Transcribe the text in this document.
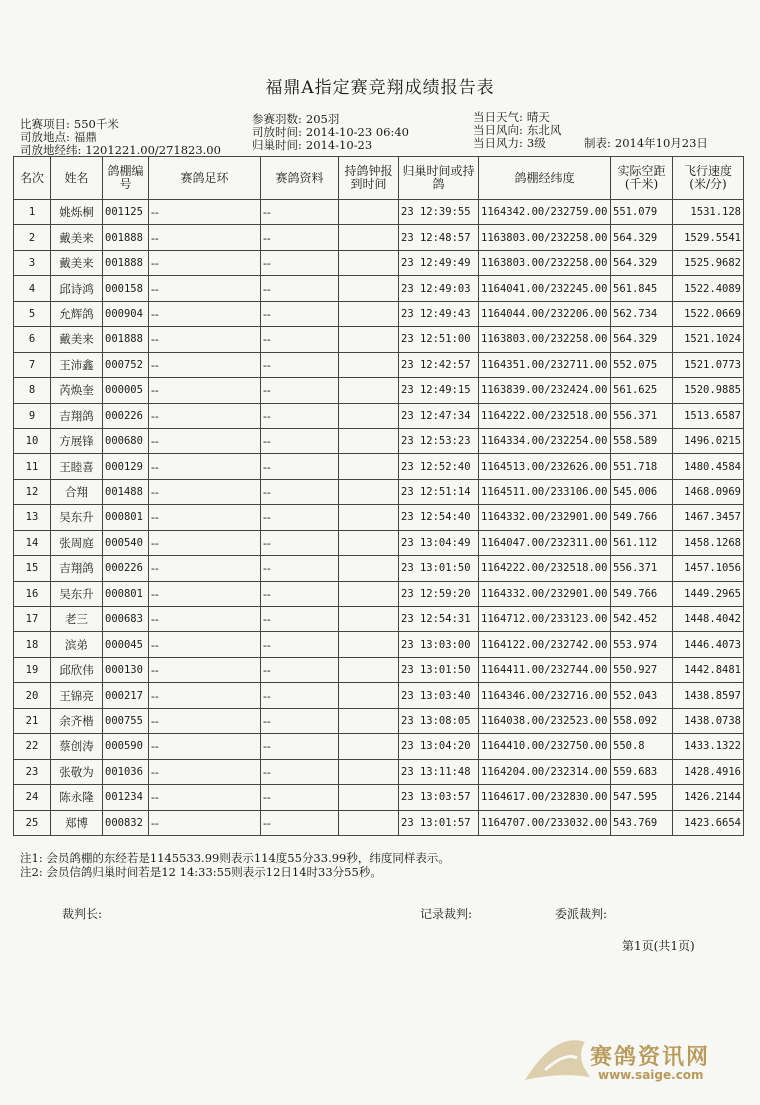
福鼎A指定赛竞翔成绩报告表
比赛项目: 550千米
司放地点: 福鼎
司放地经纬: 1201221.00/271823.00
参赛羽数: 205羽
司放时间: 2014-10-23 06:40
归巢时间: 2014-10-23
当日天气: 晴天
当日风向: 东北风
当日风力: 3级	制表: 2014年10月23日
名次	姓名	鸽棚编号	赛鸽足环	赛鸽资料	持鸽钟报到时间	归巢时间或持鸽	鸽棚经纬度	实际空距(千米)	飞行速度(米/分)
1	姚烁桐	001125	--	--		23 12:39:55	1164342.00/232759.00	551.079	1531.128
2	戴美来	001888	--	--		23 12:48:57	1163803.00/232258.00	564.329	1529.5541
3	戴美来	001888	--	--		23 12:49:49	1163803.00/232258.00	564.329	1525.9682
4	邱诗鸿	000158	--	--		23 12:49:03	1164041.00/232245.00	561.845	1522.4089
5	允辉鸽	000904	--	--		23 12:49:43	1164044.00/232206.00	562.734	1522.0669
6	戴美来	001888	--	--		23 12:51:00	1163803.00/232258.00	564.329	1521.1024
7	王沛鑫	000752	--	--		23 12:42:57	1164351.00/232711.00	552.075	1521.0773
8	芮焕奎	000005	--	--		23 12:49:15	1163839.00/232424.00	561.625	1520.9885
9	吉翔鸽	000226	--	--		23 12:47:34	1164222.00/232518.00	556.371	1513.6587
10	方展锋	000680	--	--		23 12:53:23	1164334.00/232254.00	558.589	1496.0215
11	王睦喜	000129	--	--		23 12:52:40	1164513.00/232626.00	551.718	1480.4584
12	合翔	001488	--	--		23 12:51:14	1164511.00/233106.00	545.006	1468.0969
13	吴东升	000801	--	--		23 12:54:40	1164332.00/232901.00	549.766	1467.3457
14	张周庭	000540	--	--		23 13:04:49	1164047.00/232311.00	561.112	1458.1268
15	吉翔鸽	000226	--	--		23 13:01:50	1164222.00/232518.00	556.371	1457.1056
16	吴东升	000801	--	--		23 12:59:20	1164332.00/232901.00	549.766	1449.2965
17	老三	000683	--	--		23 12:54:31	1164712.00/233123.00	542.452	1448.4042
18	滨弟	000045	--	--		23 13:03:00	1164122.00/232742.00	553.974	1446.4073
19	邱欣伟	000130	--	--		23 13:01:50	1164411.00/232744.00	550.927	1442.8481
20	王锦亮	000217	--	--		23 13:03:40	1164346.00/232716.00	552.043	1438.8597
21	余齐楷	000755	--	--		23 13:08:05	1164038.00/232523.00	558.092	1438.0738
22	蔡创涛	000590	--	--		23 13:04:20	1164410.00/232750.00	550.8	1433.1322
23	张敬为	001036	--	--		23 13:11:48	1164204.00/232314.00	559.683	1428.4916
24	陈永隆	001234	--	--		23 13:03:57	1164617.00/232830.00	547.595	1426.2144
25	郑博	000832	--	--		23 13:01:57	1164707.00/233032.00	543.769	1423.6654
注1: 会员鸽棚的东经若是1145533.99则表示114度55分33.99秒，纬度同样表示。
注2: 会员信鸽归巢时间若是12 14:33:55则表示12日14时33分55秒。
裁判长:	记录裁判:	委派裁判:
第1页(共1页)
赛鸽资讯网
www.saige.com
